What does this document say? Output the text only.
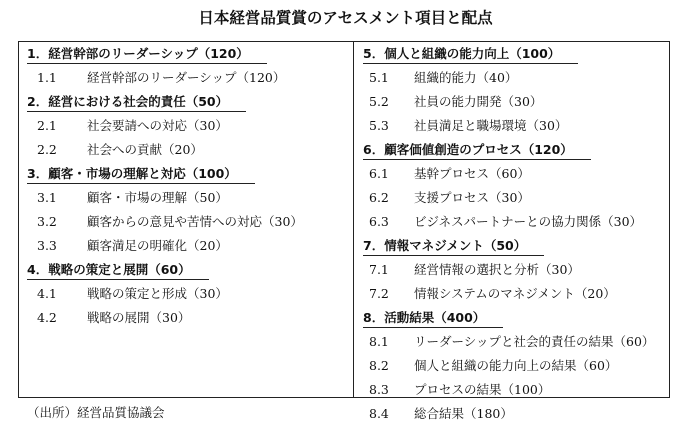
日本経営品質賞のアセスメント項目と配点
1．経営幹部のリーダーシップ（120）
1.1 経営幹部のリーダーシップ（120）
2．経営における社会的責任（50）
2.1 社会要請への対応（30）
2.2 社会への貢献（20）
3．顧客・市場の理解と対応（100）
3.1 顧客・市場の理解（50）
3.2 顧客からの意見や苦情への対応（30）
3.3 顧客満足の明確化（20）
4．戦略の策定と展開（60）
4.1 戦略の策定と形成（30）
4.2 戦略の展開（30）
5．個人と組織の能力向上（100）
5.1 組織的能力（40）
5.2 社員の能力開発（30）
5.3 社員満足と職場環境（30）
6．顧客価値創造のプロセス（120）
6.1 基幹プロセス（60）
6.2 支援プロセス（30）
6.3 ビジネスパートナーとの協力関係（30）
7．情報マネジメント（50）
7.1 経営情報の選択と分析（30）
7.2 情報システムのマネジメント（20）
8．活動結果（400）
8.1 リーダーシップと社会的責任の結果（60）
8.2 個人と組織の能力向上の結果（60）
8.3 プロセスの結果（100）
8.4 総合結果（180）
（出所）経営品質協議会
